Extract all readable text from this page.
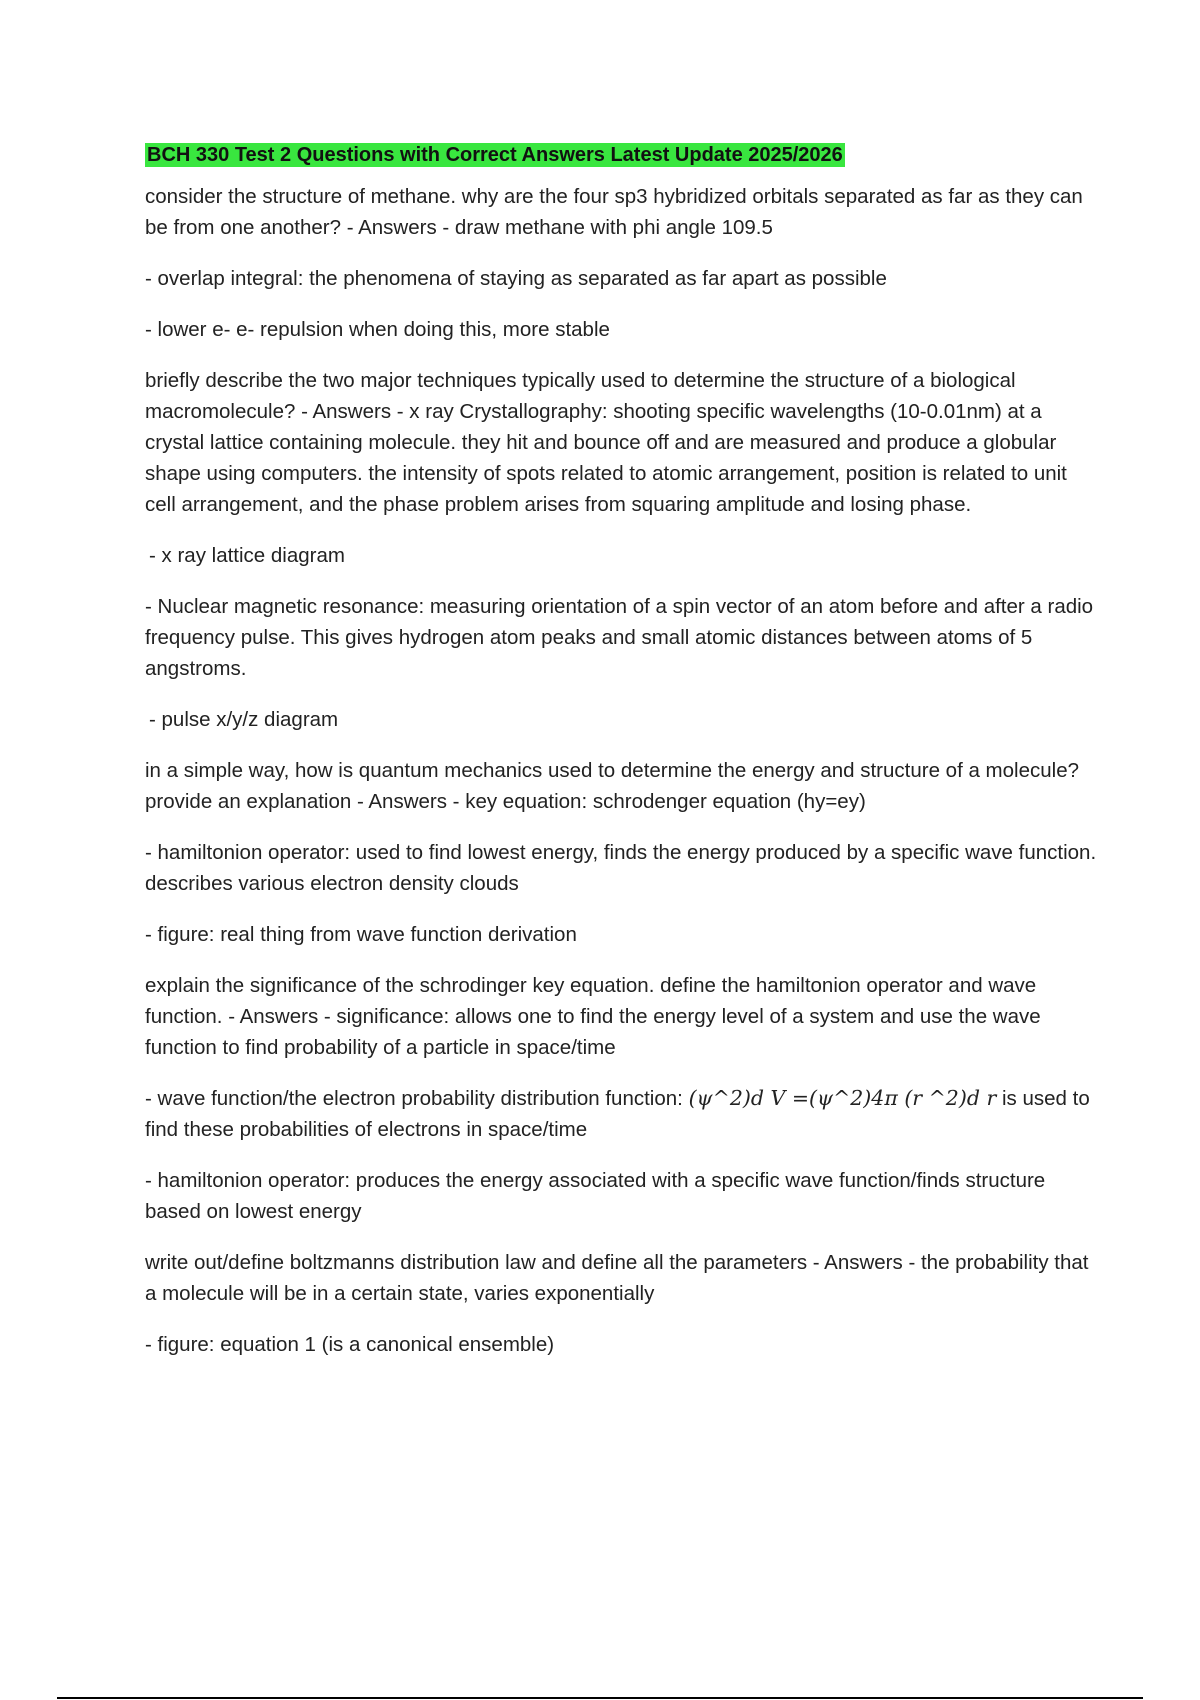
BCH 330 Test 2 Questions with Correct Answers Latest Update 2025/2026

consider the structure of methane. why are the four sp3 hybridized orbitals separated as far as they can be from one another? - Answers - draw methane with phi angle 109.5

- overlap integral: the phenomena of staying as separated as far apart as possible

- lower e- e- repulsion when doing this, more stable

briefly describe the two major techniques typically used to determine the structure of a biological macromolecule? - Answers - x ray Crystallography: shooting specific wavelengths (10-0.01nm) at a crystal lattice containing molecule. they hit and bounce off and are measured and produce a globular shape using computers. the intensity of spots related to atomic arrangement, position is related to unit cell arrangement, and the phase problem arises from squaring amplitude and losing phase.

- x ray lattice diagram

- Nuclear magnetic resonance: measuring orientation of a spin vector of an atom before and after a radio frequency pulse. This gives hydrogen atom peaks and small atomic distances between atoms of 5 angstroms.

- pulse x/y/z diagram

in a simple way, how is quantum mechanics used to determine the energy and structure of a molecule? provide an explanation - Answers - key equation: schrodenger equation (hy=ey)

- hamiltonion operator: used to find lowest energy, finds the energy produced by a specific wave function. describes various electron density clouds

- figure: real thing from wave function derivation

explain the significance of the schrodinger key equation. define the hamiltonion operator and wave function. - Answers - significance: allows one to find the energy level of a system and use the wave function to find probability of a particle in space/time

- wave function/the electron probability distribution function: (ψ^2)d V =(ψ^2)4π (r ^2)d r is used to find these probabilities of electrons in space/time

- hamiltonion operator: produces the energy associated with a specific wave function/finds structure based on lowest energy

write out/define boltzmanns distribution law and define all the parameters - Answers - the probability that a molecule will be in a certain state, varies exponentially

- figure: equation 1 (is a canonical ensemble)
